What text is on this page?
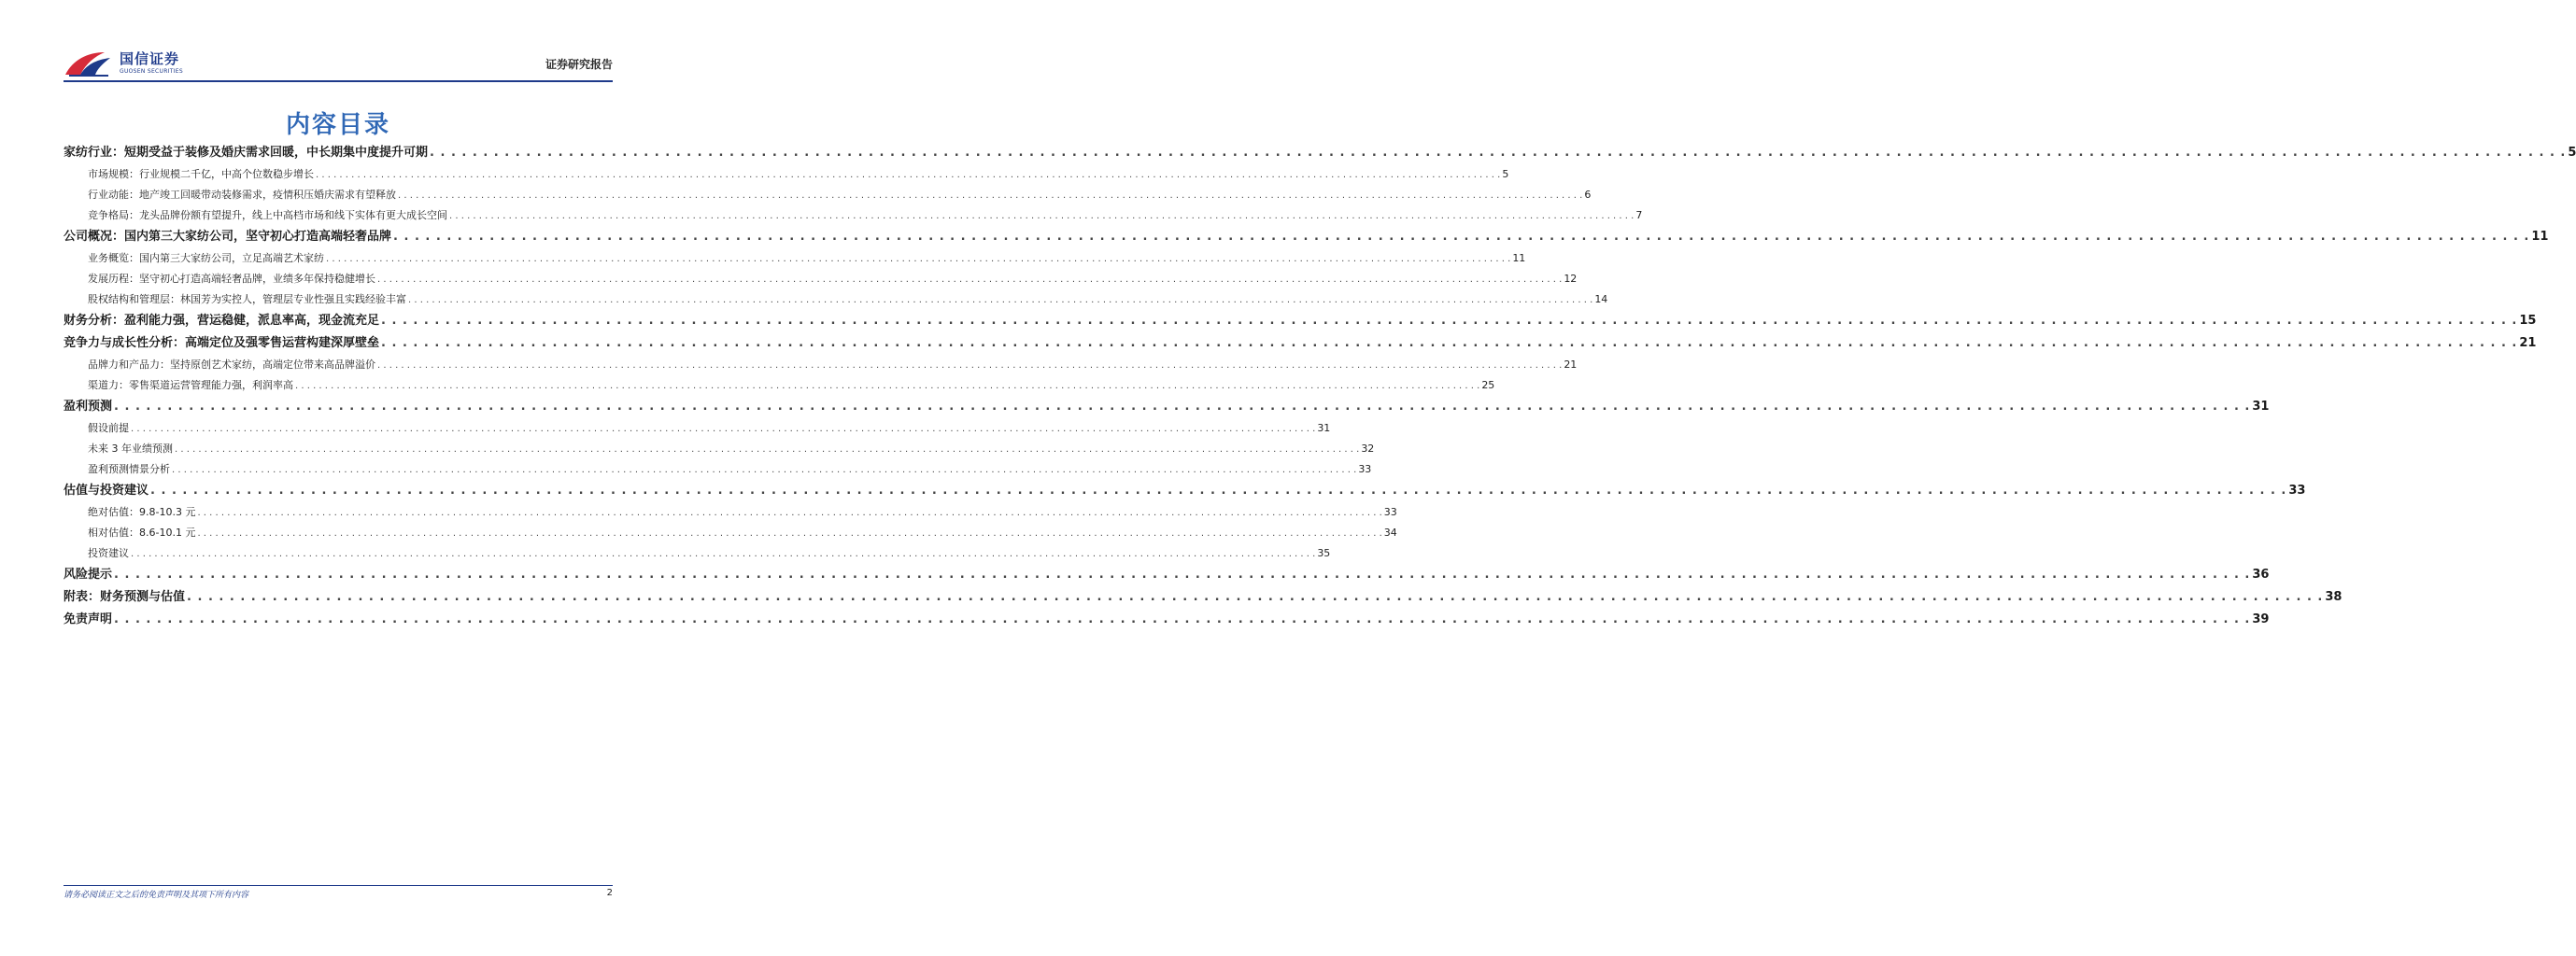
国信证券
GUOSEN SECURITIES	证券研究报告
内容目录
家纺行业：短期受益于装修及婚庆需求回暖，中长期集中度提升可期 . . . . . . . . . . . . . . . . . . . . . . . . . . . . . . . . . . . . . . . . . . . . . . . . . . . . . . . . . . . . . . . . . . . . . . . . . . . . . . . . . . . . . . . . . . . . . . . . . . . . . . . . . . . . . . . . . . . . . . . . . . . . . . . . . . . . . . . . . . . . . . . . . . . . . . . . . . . . . . . . . . . . . . . . . . . . . . . . . . . . . . . . . . . . . . . . . . . . . . . . 5
市场规模：行业规模二千亿，中高个位数稳步增长 . . . . . . . . . . . . . . . . . . . . . . . . . . . . . . . . . . . . . . . . . . . . . . . . . . . . . . . . . . . . . . . . . . . . . . . . . . . . . . . . . . . . . . . . . . . . . . . . . . . . . . . . . . . . . . . . . . . . . . . . . . . . . . . . . . . . . . . . . . . . . . . . . . . . . . . . . . . . . . . . . . . . . . . . . . . . . . . . . . . . . . . . . . . . . . . . . . . . . . . . 5
行业动能：地产竣工回暖带动装修需求，疫情积压婚庆需求有望释放 . . . . . . . . . . . . . . . . . . . . . . . . . . . . . . . . . . . . . . . . . . . . . . . . . . . . . . . . . . . . . . . . . . . . . . . . . . . . . . . . . . . . . . . . . . . . . . . . . . . . . . . . . . . . . . . . . . . . . . . . . . . . . . . . . . . . . . . . . . . . . . . . . . . . . . . . . . . . . . . . . . . . . . . . . . . . . . . . . . . . . . . . . . . . . . . . . . . . . . . . 6
竞争格局：龙头品牌份额有望提升，线上中高档市场和线下实体有更大成长空间 . . . . . . . . . . . . . . . . . . . . . . . . . . . . . . . . . . . . . . . . . . . . . . . . . . . . . . . . . . . . . . . . . . . . . . . . . . . . . . . . . . . . . . . . . . . . . . . . . . . . . . . . . . . . . . . . . . . . . . . . . . . . . . . . . . . . . . . . . . . . . . . . . . . . . . . . . . . . . . . . . . . . . . . . . . . . . . . . . . . . . . . . . . . . . . . . . . . . . . . . 7
公司概况：国内第三大家纺公司，坚守初心打造高端轻奢品牌 . . . . . . . . . . . . . . . . . . . . . . . . . . . . . . . . . . . . . . . . . . . . . . . . . . . . . . . . . . . . . . . . . . . . . . . . . . . . . . . . . . . . . . . . . . . . . . . . . . . . . . . . . . . . . . . . . . . . . . . . . . . . . . . . . . . . . . . . . . . . . . . . . . . . . . . . . . . . . . . . . . . . . . . . . . . . . . . . . . . . . . . . . . . . . . . . . . . . . . . . 11
业务概览：国内第三大家纺公司，立足高端艺术家纺 . . . . . . . . . . . . . . . . . . . . . . . . . . . . . . . . . . . . . . . . . . . . . . . . . . . . . . . . . . . . . . . . . . . . . . . . . . . . . . . . . . . . . . . . . . . . . . . . . . . . . . . . . . . . . . . . . . . . . . . . . . . . . . . . . . . . . . . . . . . . . . . . . . . . . . . . . . . . . . . . . . . . . . . . . . . . . . . . . . . . . . . . . . . . . . . . . . . . . . . . 11
发展历程：坚守初心打造高端轻奢品牌，业绩多年保持稳健增长 . . . . . . . . . . . . . . . . . . . . . . . . . . . . . . . . . . . . . . . . . . . . . . . . . . . . . . . . . . . . . . . . . . . . . . . . . . . . . . . . . . . . . . . . . . . . . . . . . . . . . . . . . . . . . . . . . . . . . . . . . . . . . . . . . . . . . . . . . . . . . . . . . . . . . . . . . . . . . . . . . . . . . . . . . . . . . . . . . . . . . . . . . . . . . . . . . . . . . . . . 12
股权结构和管理层：林国芳为实控人，管理层专业性强且实践经验丰富 . . . . . . . . . . . . . . . . . . . . . . . . . . . . . . . . . . . . . . . . . . . . . . . . . . . . . . . . . . . . . . . . . . . . . . . . . . . . . . . . . . . . . . . . . . . . . . . . . . . . . . . . . . . . . . . . . . . . . . . . . . . . . . . . . . . . . . . . . . . . . . . . . . . . . . . . . . . . . . . . . . . . . . . . . . . . . . . . . . . . . . . . . . . . . . . . . . . . . . . . 14
财务分析：盈利能力强，营运稳健，派息率高，现金流充足 . . . . . . . . . . . . . . . . . . . . . . . . . . . . . . . . . . . . . . . . . . . . . . . . . . . . . . . . . . . . . . . . . . . . . . . . . . . . . . . . . . . . . . . . . . . . . . . . . . . . . . . . . . . . . . . . . . . . . . . . . . . . . . . . . . . . . . . . . . . . . . . . . . . . . . . . . . . . . . . . . . . . . . . . . . . . . . . . . . . . . . . . . . . . . . . . . . . . . . . . 15
竞争力与成长性分析：高端定位及强零售运营构建深厚壁垒 . . . . . . . . . . . . . . . . . . . . . . . . . . . . . . . . . . . . . . . . . . . . . . . . . . . . . . . . . . . . . . . . . . . . . . . . . . . . . . . . . . . . . . . . . . . . . . . . . . . . . . . . . . . . . . . . . . . . . . . . . . . . . . . . . . . . . . . . . . . . . . . . . . . . . . . . . . . . . . . . . . . . . . . . . . . . . . . . . . . . . . . . . . . . . . . . . . . . . . . . 21
品牌力和产品力：坚持原创艺术家纺，高端定位带来高品牌溢价 . . . . . . . . . . . . . . . . . . . . . . . . . . . . . . . . . . . . . . . . . . . . . . . . . . . . . . . . . . . . . . . . . . . . . . . . . . . . . . . . . . . . . . . . . . . . . . . . . . . . . . . . . . . . . . . . . . . . . . . . . . . . . . . . . . . . . . . . . . . . . . . . . . . . . . . . . . . . . . . . . . . . . . . . . . . . . . . . . . . . . . . . . . . . . . . . . . . . . . . . 21
渠道力：零售渠道运营管理能力强，利润率高 . . . . . . . . . . . . . . . . . . . . . . . . . . . . . . . . . . . . . . . . . . . . . . . . . . . . . . . . . . . . . . . . . . . . . . . . . . . . . . . . . . . . . . . . . . . . . . . . . . . . . . . . . . . . . . . . . . . . . . . . . . . . . . . . . . . . . . . . . . . . . . . . . . . . . . . . . . . . . . . . . . . . . . . . . . . . . . . . . . . . . . . . . . . . . . . . . . . . . . . . 25
盈利预测 . . . . . . . . . . . . . . . . . . . . . . . . . . . . . . . . . . . . . . . . . . . . . . . . . . . . . . . . . . . . . . . . . . . . . . . . . . . . . . . . . . . . . . . . . . . . . . . . . . . . . . . . . . . . . . . . . . . . . . . . . . . . . . . . . . . . . . . . . . . . . . . . . . . . . . . . . . . . . . . . . . . . . . . . . . . . . . . . . . . . . . . . . . . . . . . . . . . . . . . . 31
假设前提 . . . . . . . . . . . . . . . . . . . . . . . . . . . . . . . . . . . . . . . . . . . . . . . . . . . . . . . . . . . . . . . . . . . . . . . . . . . . . . . . . . . . . . . . . . . . . . . . . . . . . . . . . . . . . . . . . . . . . . . . . . . . . . . . . . . . . . . . . . . . . . . . . . . . . . . . . . . . . . . . . . . . . . . . . . . . . . . . . . . . . . . . . . . . . . . . . . . . . . . . 31
未来 3 年业绩预测 . . . . . . . . . . . . . . . . . . . . . . . . . . . . . . . . . . . . . . . . . . . . . . . . . . . . . . . . . . . . . . . . . . . . . . . . . . . . . . . . . . . . . . . . . . . . . . . . . . . . . . . . . . . . . . . . . . . . . . . . . . . . . . . . . . . . . . . . . . . . . . . . . . . . . . . . . . . . . . . . . . . . . . . . . . . . . . . . . . . . . . . . . . . . . . . . . . . . . . . . 32
盈利预测情景分析 . . . . . . . . . . . . . . . . . . . . . . . . . . . . . . . . . . . . . . . . . . . . . . . . . . . . . . . . . . . . . . . . . . . . . . . . . . . . . . . . . . . . . . . . . . . . . . . . . . . . . . . . . . . . . . . . . . . . . . . . . . . . . . . . . . . . . . . . . . . . . . . . . . . . . . . . . . . . . . . . . . . . . . . . . . . . . . . . . . . . . . . . . . . . . . . . . . . . . . . . 33
估值与投资建议 . . . . . . . . . . . . . . . . . . . . . . . . . . . . . . . . . . . . . . . . . . . . . . . . . . . . . . . . . . . . . . . . . . . . . . . . . . . . . . . . . . . . . . . . . . . . . . . . . . . . . . . . . . . . . . . . . . . . . . . . . . . . . . . . . . . . . . . . . . . . . . . . . . . . . . . . . . . . . . . . . . . . . . . . . . . . . . . . . . . . . . . . . . . . . . . . . . . . . . . . 33
绝对估值：9.8-10.3 元 . . . . . . . . . . . . . . . . . . . . . . . . . . . . . . . . . . . . . . . . . . . . . . . . . . . . . . . . . . . . . . . . . . . . . . . . . . . . . . . . . . . . . . . . . . . . . . . . . . . . . . . . . . . . . . . . . . . . . . . . . . . . . . . . . . . . . . . . . . . . . . . . . . . . . . . . . . . . . . . . . . . . . . . . . . . . . . . . . . . . . . . . . . . . . . . . . . . . . . . . 33
相对估值：8.6-10.1 元 . . . . . . . . . . . . . . . . . . . . . . . . . . . . . . . . . . . . . . . . . . . . . . . . . . . . . . . . . . . . . . . . . . . . . . . . . . . . . . . . . . . . . . . . . . . . . . . . . . . . . . . . . . . . . . . . . . . . . . . . . . . . . . . . . . . . . . . . . . . . . . . . . . . . . . . . . . . . . . . . . . . . . . . . . . . . . . . . . . . . . . . . . . . . . . . . . . . . . . . . 34
投资建议 . . . . . . . . . . . . . . . . . . . . . . . . . . . . . . . . . . . . . . . . . . . . . . . . . . . . . . . . . . . . . . . . . . . . . . . . . . . . . . . . . . . . . . . . . . . . . . . . . . . . . . . . . . . . . . . . . . . . . . . . . . . . . . . . . . . . . . . . . . . . . . . . . . . . . . . . . . . . . . . . . . . . . . . . . . . . . . . . . . . . . . . . . . . . . . . . . . . . . . . . 35
风险提示 . . . . . . . . . . . . . . . . . . . . . . . . . . . . . . . . . . . . . . . . . . . . . . . . . . . . . . . . . . . . . . . . . . . . . . . . . . . . . . . . . . . . . . . . . . . . . . . . . . . . . . . . . . . . . . . . . . . . . . . . . . . . . . . . . . . . . . . . . . . . . . . . . . . . . . . . . . . . . . . . . . . . . . . . . . . . . . . . . . . . . . . . . . . . . . . . . . . . . . . . 36
附表：财务预测与估值 . . . . . . . . . . . . . . . . . . . . . . . . . . . . . . . . . . . . . . . . . . . . . . . . . . . . . . . . . . . . . . . . . . . . . . . . . . . . . . . . . . . . . . . . . . . . . . . . . . . . . . . . . . . . . . . . . . . . . . . . . . . . . . . . . . . . . . . . . . . . . . . . . . . . . . . . . . . . . . . . . . . . . . . . . . . . . . . . . . . . . . . . . . . . . . . . . . . . . . . . 38
免责声明 . . . . . . . . . . . . . . . . . . . . . . . . . . . . . . . . . . . . . . . . . . . . . . . . . . . . . . . . . . . . . . . . . . . . . . . . . . . . . . . . . . . . . . . . . . . . . . . . . . . . . . . . . . . . . . . . . . . . . . . . . . . . . . . . . . . . . . . . . . . . . . . . . . . . . . . . . . . . . . . . . . . . . . . . . . . . . . . . . . . . . . . . . . . . . . . . . . . . . . . . 39
请务必阅读正文之后的免责声明及其项下所有内容	2
